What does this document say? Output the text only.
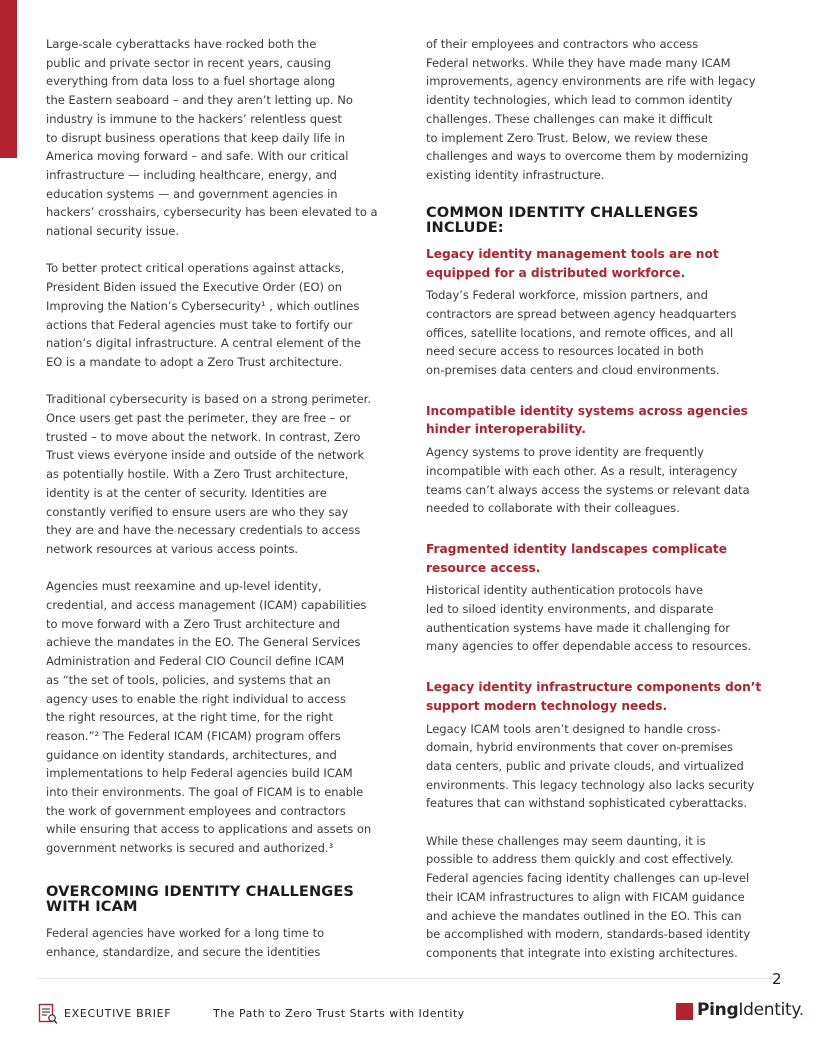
Large-scale cyberattacks have rocked both the
public and private sector in recent years, causing
everything from data loss to a fuel shortage along
the Eastern seaboard – and they aren’t letting up. No
industry is immune to the hackers’ relentless quest
to disrupt business operations that keep daily life in
America moving forward – and safe. With our critical
infrastructure — including healthcare, energy, and
education systems — and government agencies in
hackers’ crosshairs, cybersecurity has been elevated to a
national security issue.

To better protect critical operations against attacks,
President Biden issued the Executive Order (EO) on
Improving the Nation’s Cybersecurity¹ , which outlines
actions that Federal agencies must take to fortify our
nation’s digital infrastructure. A central element of the
EO is a mandate to adopt a Zero Trust architecture.

Traditional cybersecurity is based on a strong perimeter.
Once users get past the perimeter, they are free – or
trusted – to move about the network. In contrast, Zero
Trust views everyone inside and outside of the network
as potentially hostile. With a Zero Trust architecture,
identity is at the center of security. Identities are
constantly verified to ensure users are who they say
they are and have the necessary credentials to access
network resources at various access points.

Agencies must reexamine and up-level identity,
credential, and access management (ICAM) capabilities
to move forward with a Zero Trust architecture and
achieve the mandates in the EO. The General Services
Administration and Federal CIO Council define ICAM
as “the set of tools, policies, and systems that an
agency uses to enable the right individual to access
the right resources, at the right time, for the right
reason.”² The Federal ICAM (FICAM) program offers
guidance on identity standards, architectures, and
implementations to help Federal agencies build ICAM
into their environments. The goal of FICAM is to enable
the work of government employees and contractors
while ensuring that access to applications and assets on
government networks is secured and authorized.³

OVERCOMING IDENTITY CHALLENGES
WITH ICAM

Federal agencies have worked for a long time to
enhance, standardize, and secure the identities

of their employees and contractors who access
Federal networks. While they have made many ICAM
improvements, agency environments are rife with legacy
identity technologies, which lead to common identity
challenges. These challenges can make it difficult
to implement Zero Trust. Below, we review these
challenges and ways to overcome them by modernizing
existing identity infrastructure.

COMMON IDENTITY CHALLENGES
INCLUDE:
Legacy identity management tools are not
equipped for a distributed workforce.

Today’s Federal workforce, mission partners, and
contractors are spread between agency headquarters
offices, satellite locations, and remote offices, and all
need secure access to resources located in both
on-premises data centers and cloud environments.

Incompatible identity systems across agencies
hinder interoperability.

Agency systems to prove identity are frequently
incompatible with each other. As a result, interagency
teams can’t always access the systems or relevant data
needed to collaborate with their colleagues.

Fragmented identity landscapes complicate
resource access.

Historical identity authentication protocols have
led to siloed identity environments, and disparate
authentication systems have made it challenging for
many agencies to offer dependable access to resources.

Legacy identity infrastructure components don’t
support modern technology needs.

Legacy ICAM tools aren’t designed to handle cross-
domain, hybrid environments that cover on-premises
data centers, public and private clouds, and virtualized
environments. This legacy technology also lacks security
features that can withstand sophisticated cyberattacks.

While these challenges may seem daunting, it is
possible to address them quickly and cost effectively.
Federal agencies facing identity challenges can up-level
their ICAM infrastructures to align with FICAM guidance
and achieve the mandates outlined in the EO. This can
be accomplished with modern, standards-based identity
components that integrate into existing architectures.

2
EXECUTIVE BRIEF	The Path to Zero Trust Starts with Identity	PingIdentity.
